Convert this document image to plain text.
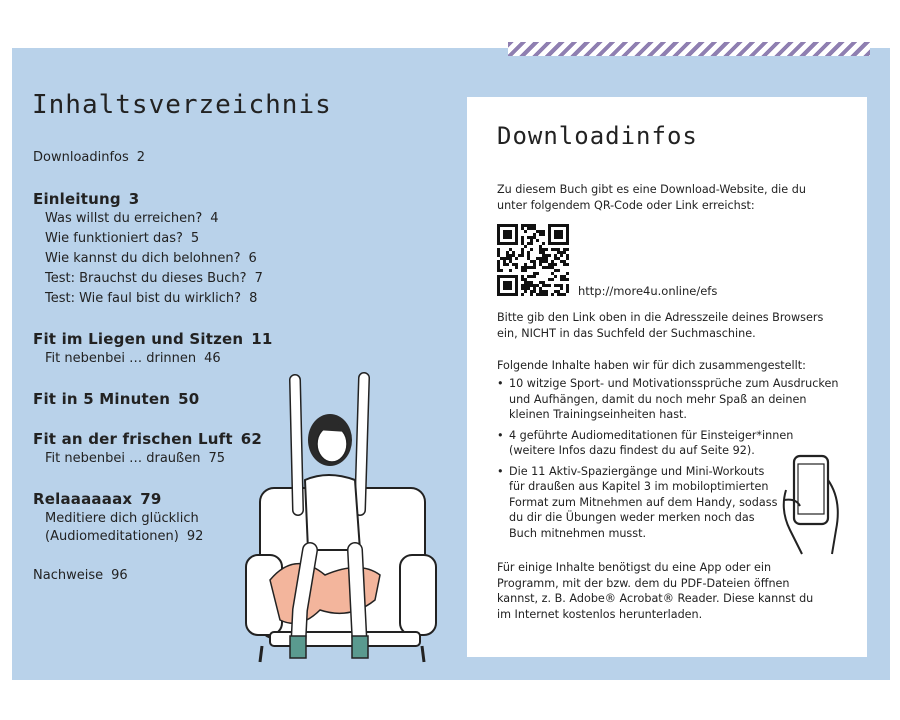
Inhaltsverzeichnis
Downloadinfos 2
Einleitung 3
Was willst du erreichen? 4
Wie funktioniert das? 5
Wie kannst du dich belohnen? 6
Test: Brauchst du dieses Buch? 7
Test: Wie faul bist du wirklich? 8
Fit im Liegen und Sitzen 11
Fit nebenbei … drinnen 46
Fit in 5 Minuten 50
Fit an der frischen Luft 62
Fit nebenbei … draußen 75
Relaaaaaax 79
Meditiere dich glücklich
(Audiomeditationen) 92
Nachweise 96
Downloadinfos

Zu diesem Buch gibt es eine Download-Website, die du unter folgendem QR-Code oder Link erreichst:

http://more4u.online/efs

Bitte gib den Link oben in die Adresszeile deines Browsers ein, NICHT in das Suchfeld der Suchmaschine.

Folgende Inhalte haben wir für dich zusammengestellt:

• 10 witzige Sport- und Motivationssprüche zum Ausdrucken und Aufhängen, damit du noch mehr Spaß an deinen kleinen Trainingseinheiten hast.
• 4 geführte Audiomeditationen für Einsteiger*innen (weitere Infos dazu findest du auf Seite 92).
• Die 11 Aktiv-Spaziergänge und Mini-Workouts für draußen aus Kapitel 3 im mobiloptimierten Format zum Mitnehmen auf dem Handy, sodass du dir die Übungen weder merken noch das Buch mitnehmen musst.

Für einige Inhalte benötigst du eine App oder ein Programm, mit der bzw. dem du PDF-Dateien öffnen kannst, z. B. Adobe® Acrobat® Reader. Diese kannst du im Internet kostenlos herunterladen.
